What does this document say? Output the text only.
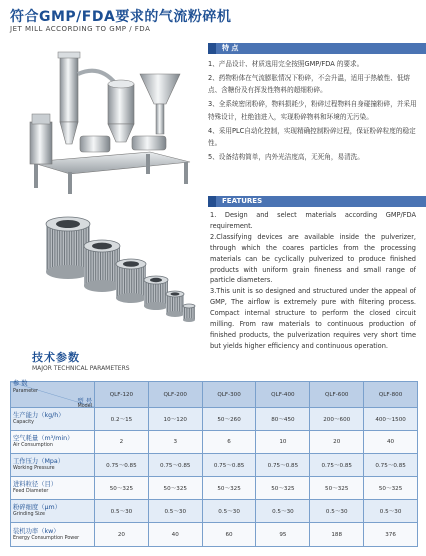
符合GMP/FDA要求的气流粉碎机
JET MILL ACCORDING TO GMP / FDA
特 点
1、产品设计、材质选用完全按照GMP/FDA 的要求。
2、药物粉体在气流膨胀情况下粉碎，不会升温，适用于热敏性、低熔点、含糖份及有挥发性物料的超细粉碎。
3、全系统密闭粉碎，物料损耗少，粉碎过程物料自身碰撞粉碎，并采用特殊设计，杜绝油进入，实现粉碎物料和环境的无污染。
4、采用PLC自动化控制，实现精确控制粉碎过程，保证粉碎粒度的稳定性。
5、设备结构简单，内外光洁度高，无死角，易清洗。
FEATURES

1. Design and select materials according GMP/FDA requirement.

2.Classifying devices are available inside the pulverizer, through which the coares particles from the processing materials can be cyclically pulverized to produce finished products with uniform grain fineness and small range of particle diameters.

3.This unit is so designed and structured under the appeal of GMP, The airflow is extremely pure with filtering process. Compact internal structure to perform the closed circuit milling. From raw materials to continuous production of finished products, the pulverization requires very short time but yields higher efficiency and continuous operation.

技术参数
MAJOR TECHNICAL PARAMETERS
型 号
Model
参 数
Parameter	QLF-120	QLF-200	QLF-300	QLF-400	QLF-600	QLF-800

生产能力（kg/h）
Capacity	0.2～15	10～120	50～260	80～450	200～600	400～1500

空气耗量（m³/min）
Air Consumption	2	3	6	10	20	40

工作压力（Mpa）
Working Pressure	0.75～0.85	0.75～0.85	0.75～0.85	0.75～0.85	0.75～0.85	0.75～0.85

进料粒径（目）
Feed Diameter	50～325	50～325	50～325	50～325	50～325	50～325

粉碎细度（μm）
Grinding Size	0.5～30	0.5～30	0.5～30	0.5～30	0.5～30	0.5～30

装机功率（kw）
Energy Consumption Power	20	40	60	95	188	376
